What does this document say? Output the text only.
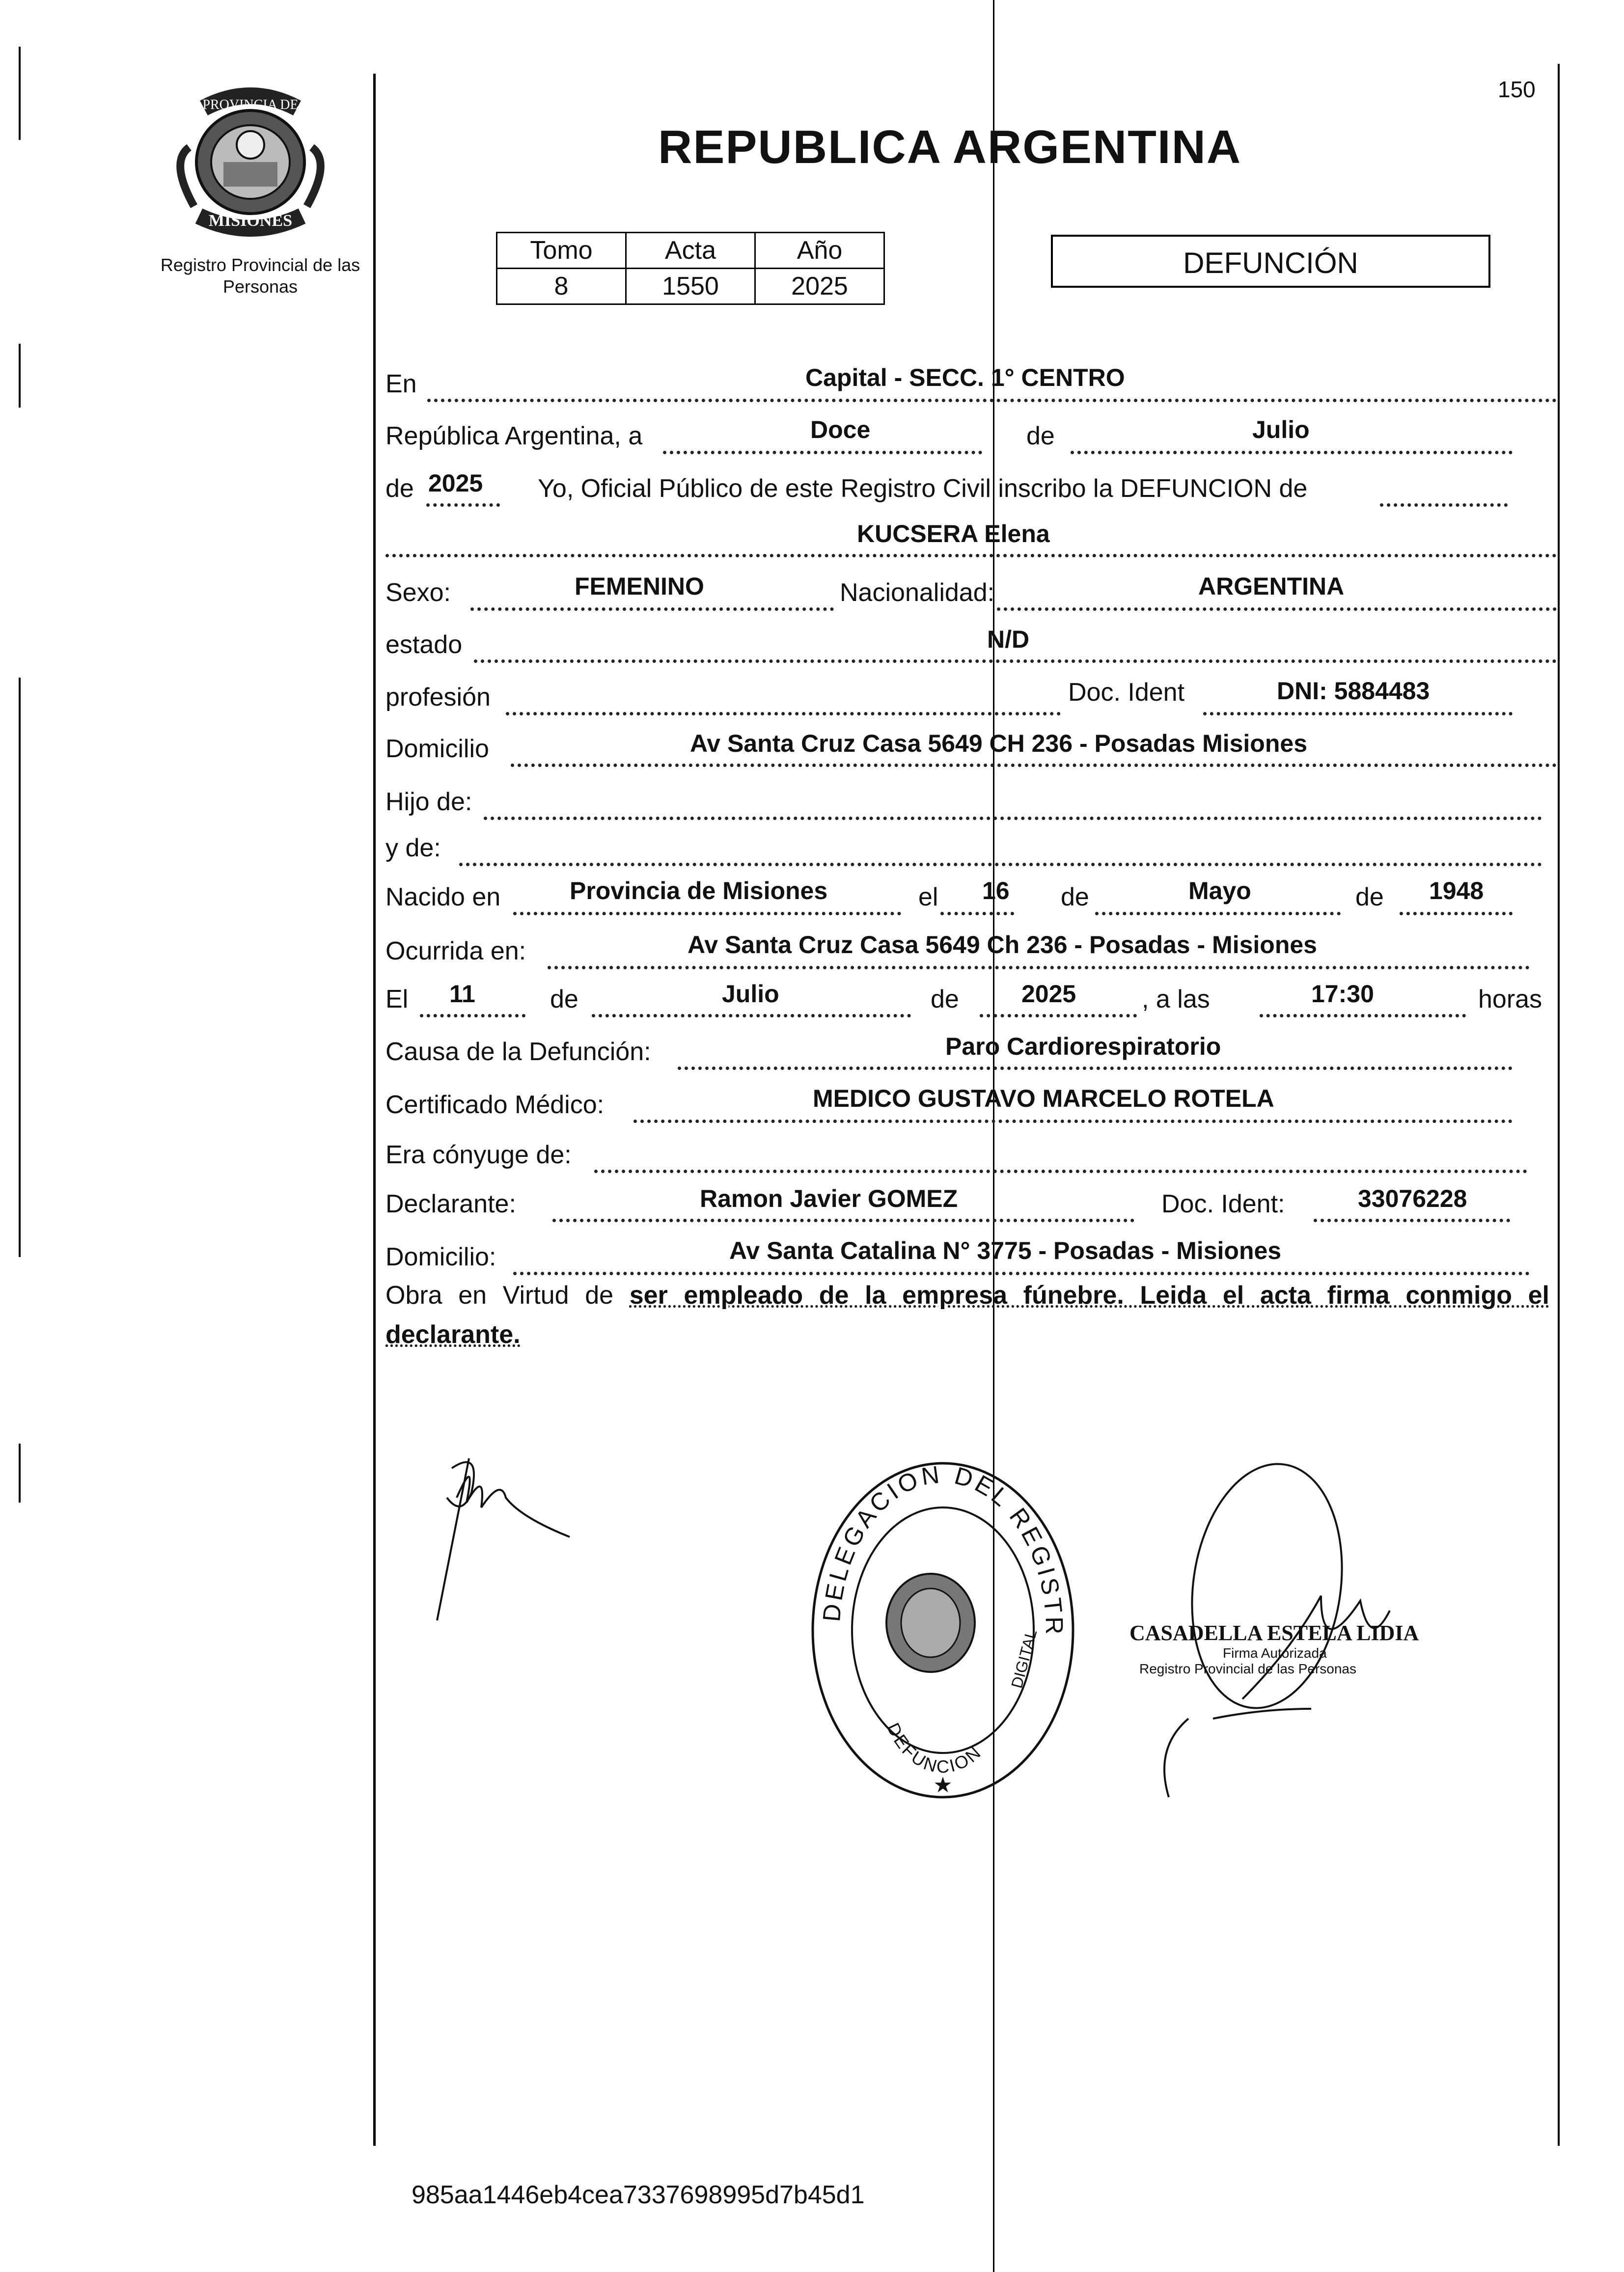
PROVINCIA DE
MISIONES
Registro Provincial de las Personas
150
REPUBLICA ARGENTINA
Tomo	Acta	Año
8	1550	2025
DEFUNCIÓN
En	Capital - SECC. 1° CENTRO
República Argentina, a	Doce	de	Julio
de 2025 Yo, Oficial Público de este Registro Civil inscribo la DEFUNCION de
KUCSERA Elena
Sexo:	FEMENINO	Nacionalidad:	ARGENTINA
estado	N/D
profesión	Doc. Ident	DNI: 5884483
Domicilio	Av Santa Cruz Casa 5649 CH 236 - Posadas Misiones
Hijo de:
y de:
Nacido en	Provincia de Misiones	el 16 de	Mayo	de 1948
Ocurrida en:	Av Santa Cruz Casa 5649 Ch 236 - Posadas - Misiones
El 11	de	Julio	de	2025	, a las	17:30	horas
Causa de la Defunción:	Paro Cardiorespiratorio
Certificado Médico:	MEDICO GUSTAVO MARCELO ROTELA
Era cónyuge de:
Declarante:	Ramon Javier GOMEZ	Doc. Ident:	33076228
Domicilio:	Av Santa Catalina N° 3775 - Posadas - Misiones
Obra en Virtud de ser empleado de la empresa fúnebre. Leida el acta firma conmigo el declarante.
DELEGACION DEL REGISTR
DEFUNCION
DIGITAL
★
CASADELLA ESTELA LIDIA
Firma Autorizada
Registro Provincial de las Personas
985aa1446eb4cea7337698995d7b45d1
